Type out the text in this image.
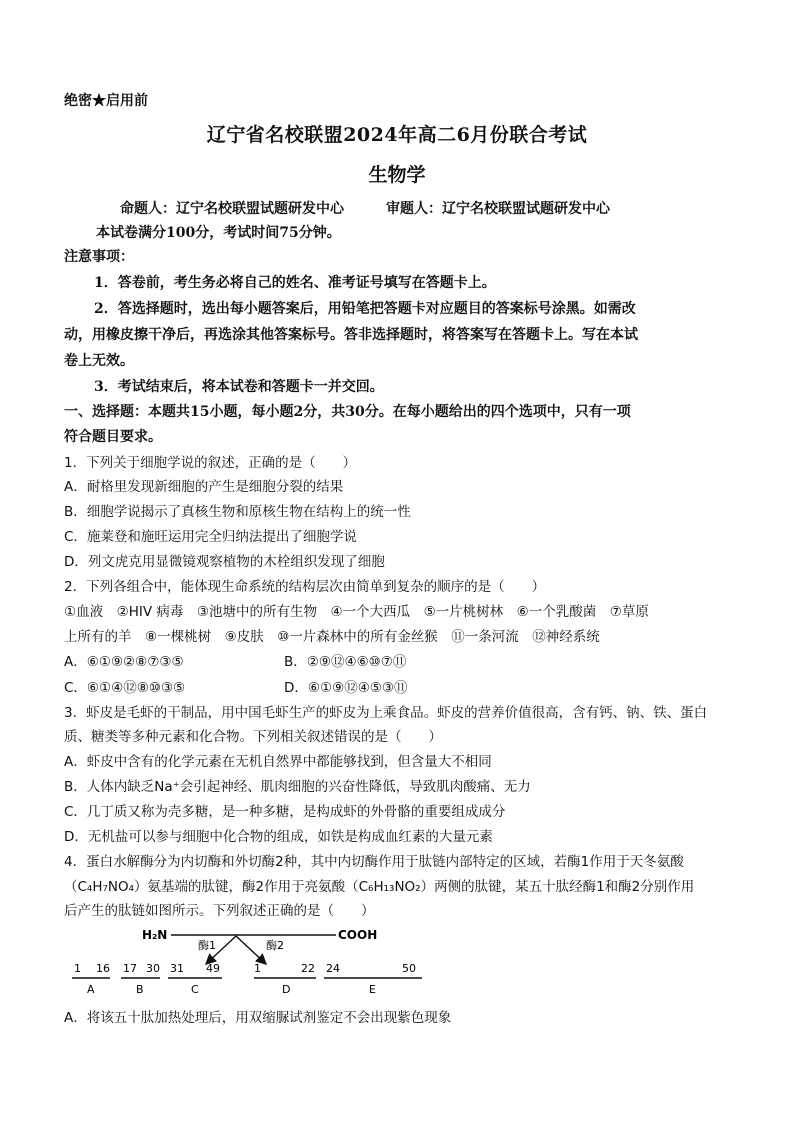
绝密★启用前
辽宁省名校联盟2024年高二6月份联合考试
生物学
命题人：辽宁名校联盟试题研发中心　　　审题人：辽宁名校联盟试题研发中心
本试卷满分100分，考试时间75分钟。
注意事项：
1．答卷前，考生务必将自己的姓名、准考证号填写在答题卡上。
2．答选择题时，选出每小题答案后，用铅笔把答题卡对应题目的答案标号涂黑。如需改
动，用橡皮擦干净后，再选涂其他答案标号。答非选择题时，将答案写在答题卡上。写在本试
卷上无效。
3．考试结束后，将本试卷和答题卡一并交回。
一、选择题：本题共15小题，每小题2分，共30分。在每小题给出的四个选项中，只有一项
符合题目要求。
1．下列关于细胞学说的叙述，正确的是（　　）
A．耐格里发现新细胞的产生是细胞分裂的结果
B．细胞学说揭示了真核生物和原核生物在结构上的统一性
C．施莱登和施旺运用完全归纳法提出了细胞学说
D．列文虎克用显微镜观察植物的木栓组织发现了细胞
2．下列各组合中，能体现生命系统的结构层次由简单到复杂的顺序的是（　　）
①血液　②HIV 病毒　③池塘中的所有生物　④一个大西瓜　⑤一片桃树林　⑥一个乳酸菌　⑦草原
上所有的羊　⑧一棵桃树　⑨皮肤　⑩一片森林中的所有金丝猴　⑪一条河流　⑫神经系统
A．⑥①⑨②⑧⑦③⑤	B．②⑨⑫④⑥⑩⑦⑪
C．⑥①④⑫⑧⑩③⑤	D．⑥①⑨⑫④⑤③⑪
3．虾皮是毛虾的干制品，用中国毛虾生产的虾皮为上乘食品。虾皮的营养价值很高，含有钙、钠、铁、蛋白
质、糖类等多种元素和化合物。下列相关叙述错误的是（　　）
A．虾皮中含有的化学元素在无机自然界中都能够找到，但含量大不相同
B．人体内缺乏Na⁺会引起神经、肌肉细胞的兴奋性降低，导致肌肉酸痛、无力
C．几丁质又称为壳多糖，是一种多糖，是构成虾的外骨骼的重要组成成分
D．无机盐可以参与细胞中化合物的组成，如铁是构成血红素的大量元素
4．蛋白水解酶分为内切酶和外切酶2种，其中内切酶作用于肽链内部特定的区域，若酶1作用于天冬氨酸
（C₄H₇NO₄）氨基端的肽键，酶2作用于亮氨酸（C₆H₁₃NO₂）两侧的肽键，某五十肽经酶1和酶2分别作用
后产生的肽链如图所示。下列叙述正确的是（　　）
H₂N	COOH
酶1	酶2
1 16
A
17 30
B
31 49
C
1	22
D
24	50
E
A．将该五十肽加热处理后，用双缩脲试剂鉴定不会出现紫色现象
